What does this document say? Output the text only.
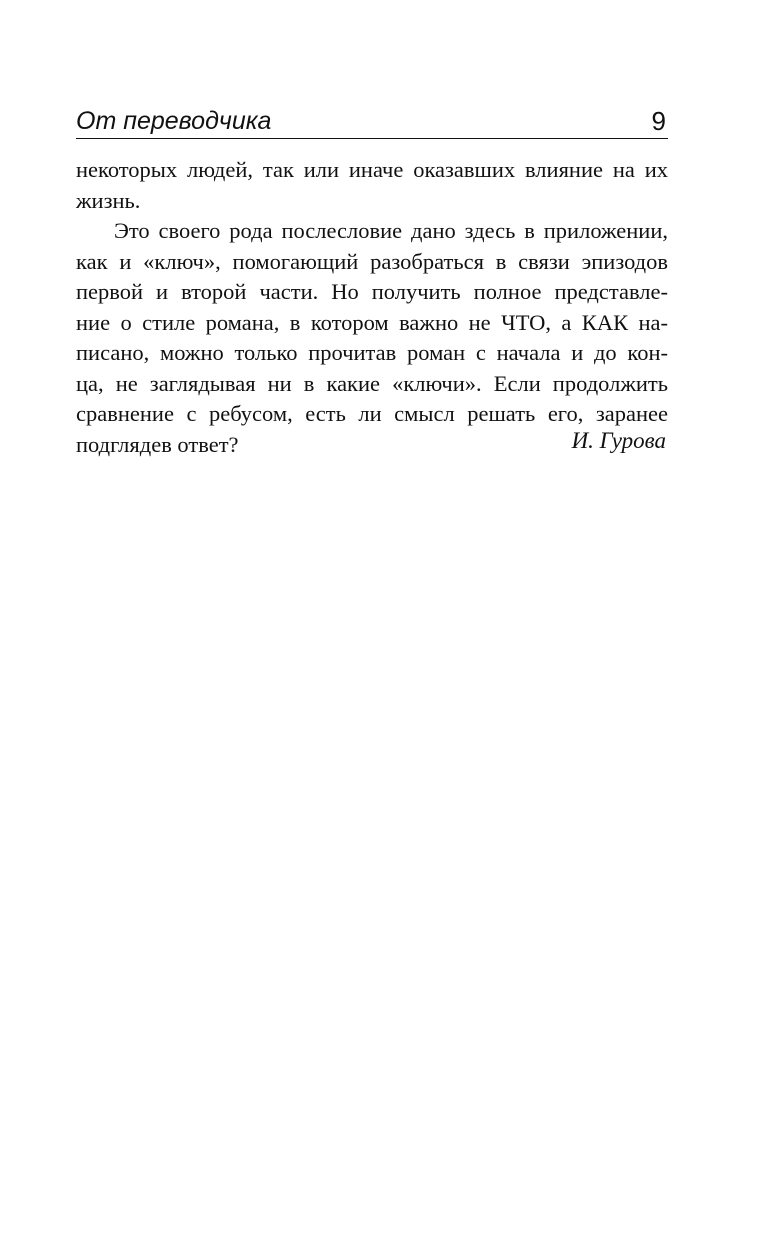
От переводчика	9
некоторых людей, так или иначе оказавших влияние на их
жизнь.
Это своего рода послесловие дано здесь в приложении,
как и «ключ», помогающий разобраться в связи эпизодов
первой и второй части. Но получить полное представле-
ние о стиле романа, в котором важно не ЧТО, а КАК на-
писано, можно только прочитав роман с начала и до кон-
ца, не заглядывая ни в какие «ключи». Если продолжить
сравнение с ребусом, есть ли смысл решать его, заранее
подглядев ответ?	И. Гурова
